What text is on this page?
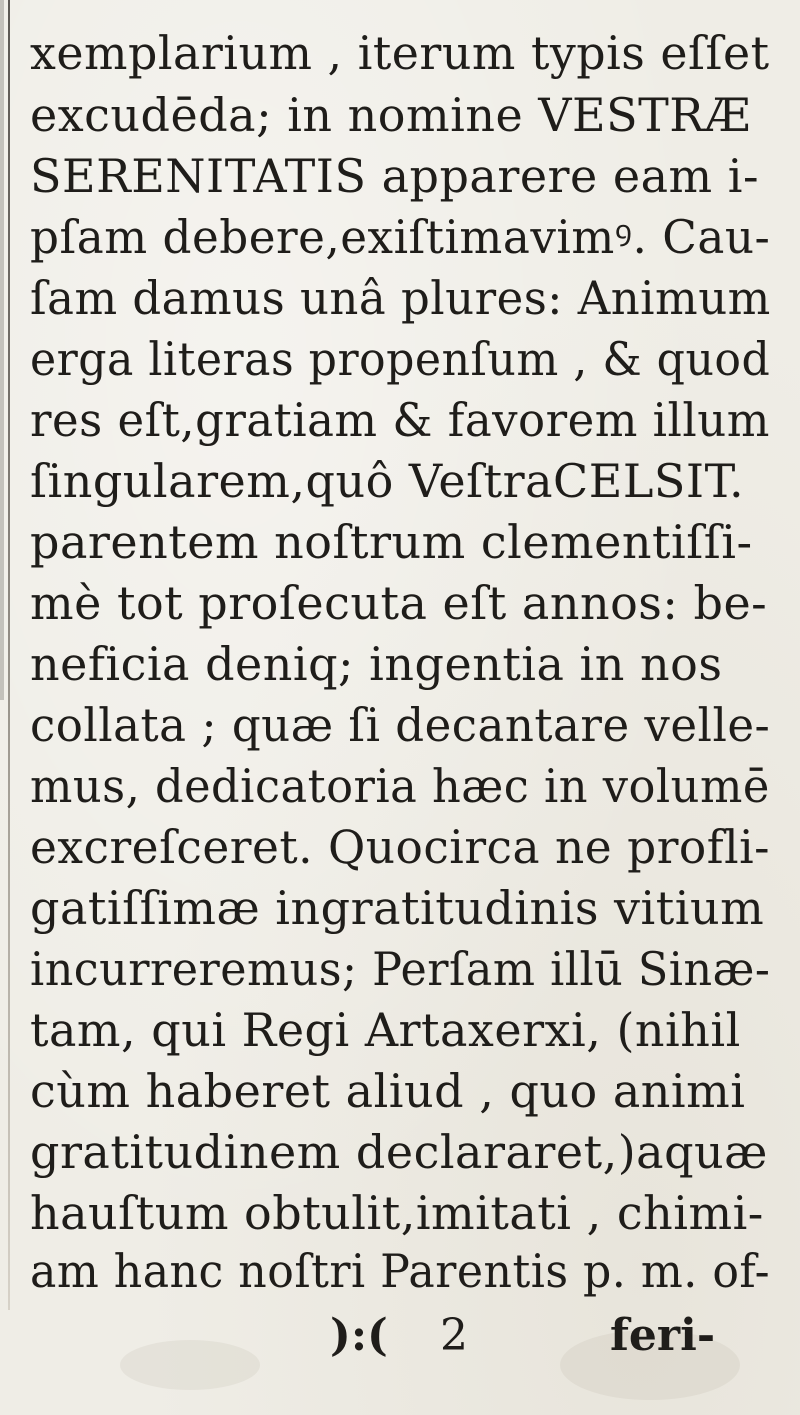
xemplarium , iterum typis eſſet
excudēda; in nomine VESTRÆ
SERENITATIS apparere eam i-
pſam debere,exiſtimavimꝰ. Cau-
ſam damus unâ plures: Animum
erga literas propenſum , & quod
res eſt,gratiam & favorem illum
ſingularem,quô VeſtraCELSIT.
parentem noſtrum clementiſſi-
mè tot proſecuta eſt annos: be-
neficia deniq; ingentia in nos
collata ; quæ ſi decantare velle-
mus, dedicatoria hæc in volumē
excreſceret. Quocirca ne profli-
gatiſſimæ ingratitudinis vitium
incurreremus; Perſam illū Sinæ-
tam, qui Regi Artaxerxi, (nihil
cùm haberet aliud , quo animi
gratitudinem declararet,)aquæ
hauſtum obtulit,imitati , chimi-
am hanc noſtri Parentis p. m. of-
):( 2	feri-
